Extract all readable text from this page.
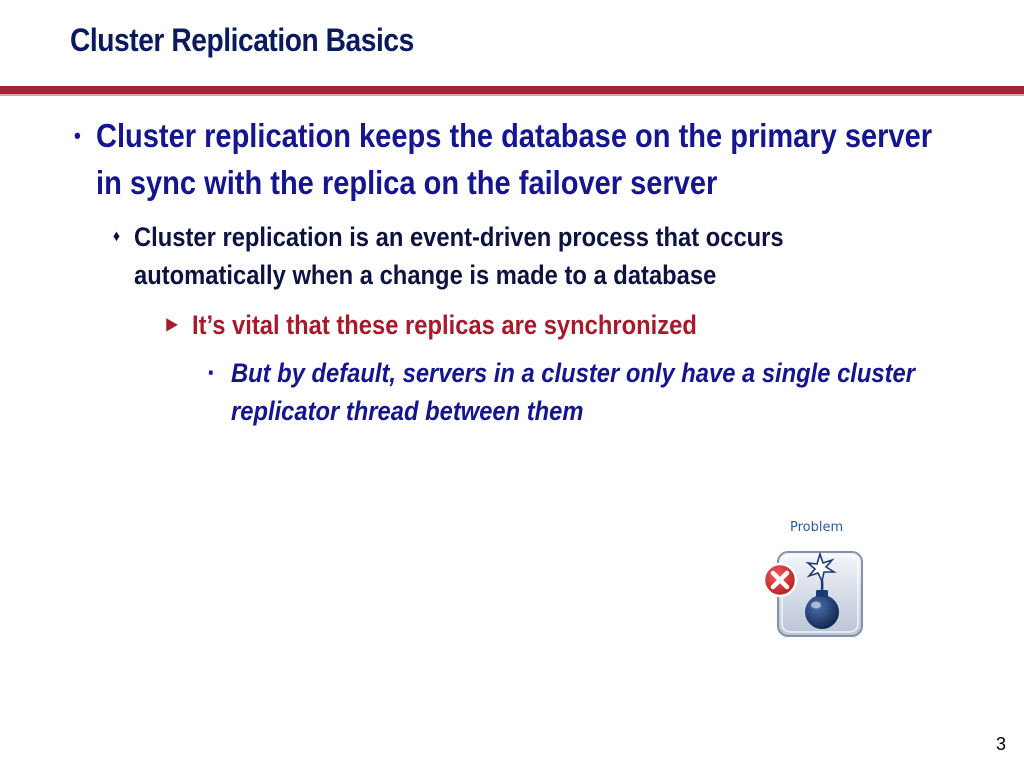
Cluster Replication Basics
• Cluster replication keeps the database on the primary server in sync with the replica on the failover server
♦ Cluster replication is an event-driven process that occurs automatically when a change is made to a database
▶ It’s vital that these replicas are synchronized
▪ But by default, servers in a cluster only have a single cluster replicator thread between them
Problem
3
